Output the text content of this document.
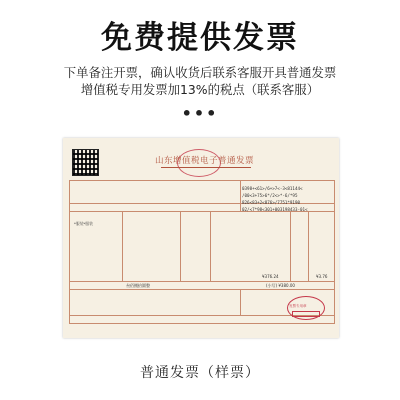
免费提供发票
下单备注开票，确认收货后联系客服开具普通发票
增值税专用发票加13%的税点（联系客服）
•••
山东增值税电子普通发票
0398+<61>/6+>7<-3<81144<
/00<3+75>6*/2<>*-6/*95
826<83+2<876>/7751*9190
02/<7*98<301+003198433-01<
*服装*服装
¥376.24	¥3.76
叁佰捌拾圆整	(小写) ¥380.00
发票专用章
普通发票（样票）
